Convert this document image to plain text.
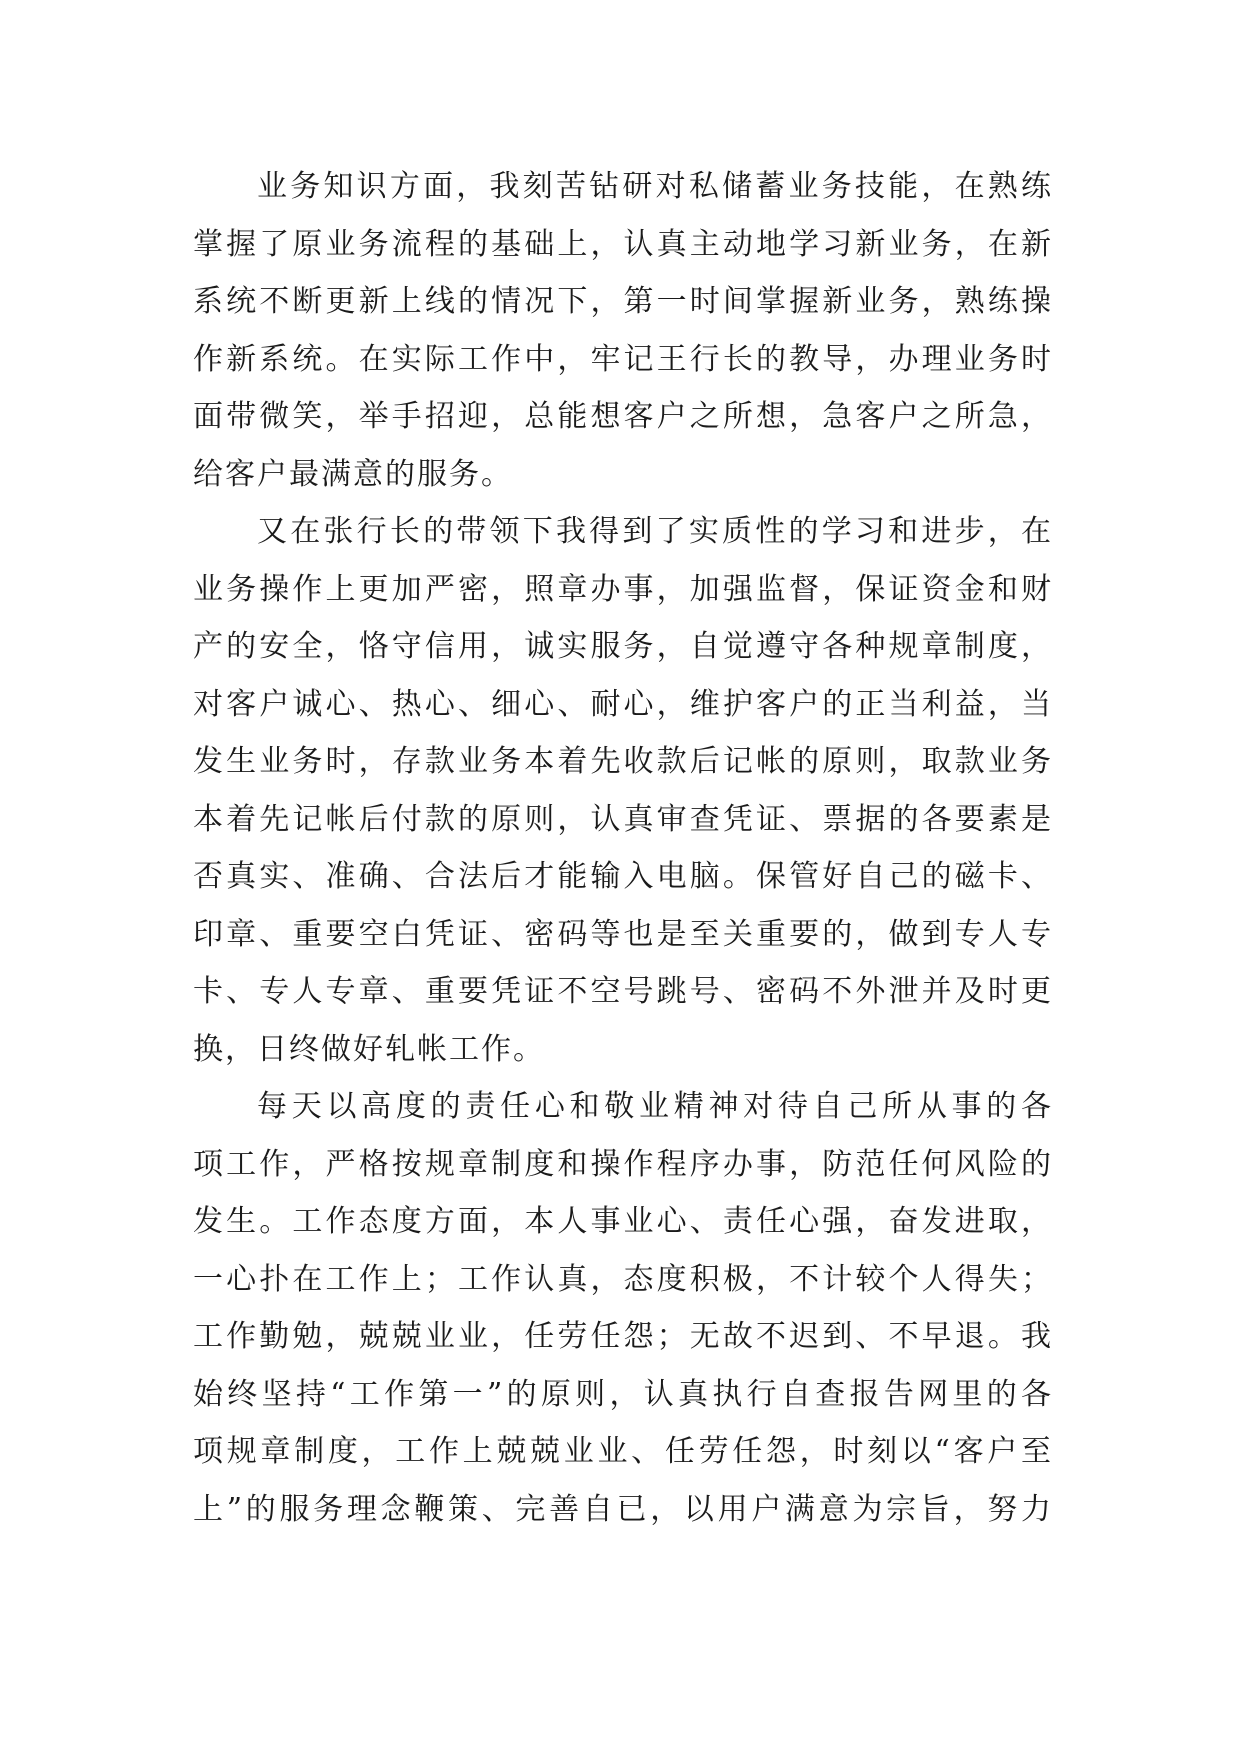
业务知识方面，我刻苦钻研对私储蓄业务技能，在熟练
掌握了原业务流程的基础上，认真主动地学习新业务，在新
系统不断更新上线的情况下，第一时间掌握新业务，熟练操
作新系统。在实际工作中，牢记王行长的教导，办理业务时
面带微笑，举手招迎，总能想客户之所想，急客户之所急，
给客户最满意的服务。
又在张行长的带领下我得到了实质性的学习和进步，在
业务操作上更加严密，照章办事，加强监督，保证资金和财
产的安全，恪守信用，诚实服务，自觉遵守各种规章制度，
对客户诚心、热心、细心、耐心，维护客户的正当利益，当
发生业务时，存款业务本着先收款后记帐的原则，取款业务
本着先记帐后付款的原则，认真审查凭证、票据的各要素是
否真实、准确、合法后才能输入电脑。保管好自己的磁卡、
印章、重要空白凭证、密码等也是至关重要的，做到专人专
卡、专人专章、重要凭证不空号跳号、密码不外泄并及时更
换，日终做好轧帐工作。
每天以高度的责任心和敬业精神对待自己所从事的各
项工作，严格按规章制度和操作程序办事，防范任何风险的
发生。工作态度方面，本人事业心、责任心强，奋发进取，
一心扑在工作上；工作认真，态度积极，不计较个人得失；
工作勤勉，兢兢业业，任劳任怨；无故不迟到、不早退。我
始终坚持“工作第一”的原则，认真执行自查报告网里的各
项规章制度，工作上兢兢业业、任劳任怨，时刻以“客户至
上”的服务理念鞭策、完善自已，以用户满意为宗旨，努力
